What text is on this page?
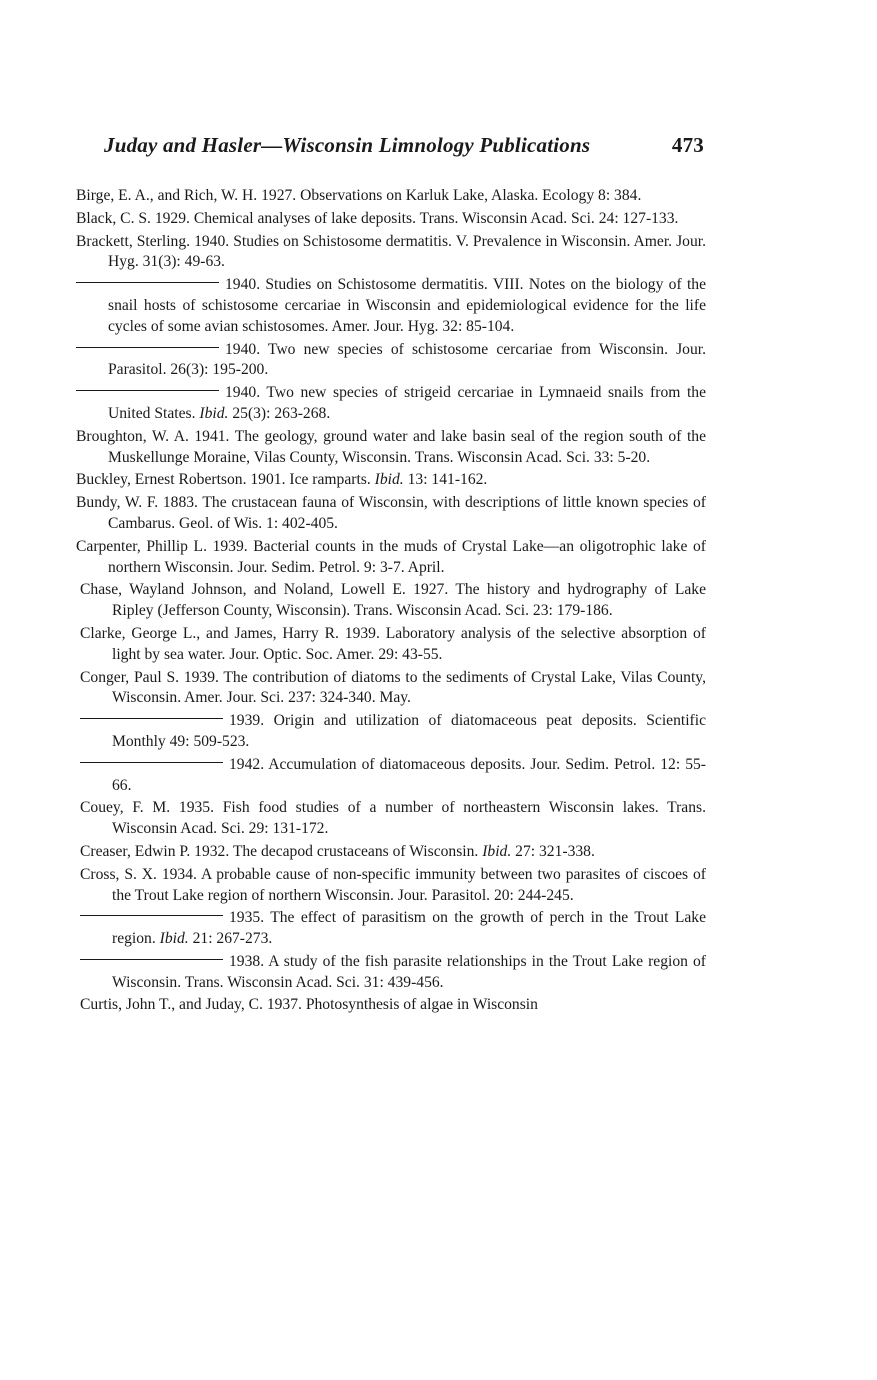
Juday and Hasler—Wisconsin Limnology Publications	473

Birge, E. A., and Rich, W. H. 1927. Observations on Karluk Lake, Alaska. Ecology 8: 384.

Black, C. S. 1929. Chemical analyses of lake deposits. Trans. Wisconsin Acad. Sci. 24: 127-133.

Brackett, Sterling. 1940. Studies on Schistosome dermatitis. V. Prevalence in Wisconsin. Amer. Jour. Hyg. 31(3): 49-63.

1940. Studies on Schistosome dermatitis. VIII. Notes on the biology of the snail hosts of schistosome cercariae in Wisconsin and epidemiological evidence for the life cycles of some avian schistosomes. Amer. Jour. Hyg. 32: 85-104.

1940. Two new species of schistosome cercariae from Wisconsin. Jour. Parasitol. 26(3): 195-200.

1940. Two new species of strigeid cercariae in Lymnaeid snails from the United States. Ibid. 25(3): 263-268.

Broughton, W. A. 1941. The geology, ground water and lake basin seal of the region south of the Muskellunge Moraine, Vilas County, Wisconsin. Trans. Wisconsin Acad. Sci. 33: 5-20.

Buckley, Ernest Robertson. 1901. Ice ramparts. Ibid. 13: 141-162.

Bundy, W. F. 1883. The crustacean fauna of Wisconsin, with descriptions of little known species of Cambarus. Geol. of Wis. 1: 402-405.

Carpenter, Phillip L. 1939. Bacterial counts in the muds of Crystal Lake—an oligotrophic lake of northern Wisconsin. Jour. Sedim. Petrol. 9: 3-7. April.

Chase, Wayland Johnson, and Noland, Lowell E. 1927. The history and hydrography of Lake Ripley (Jefferson County, Wisconsin). Trans. Wisconsin Acad. Sci. 23: 179-186.

Clarke, George L., and James, Harry R. 1939. Laboratory analysis of the selective absorption of light by sea water. Jour. Optic. Soc. Amer. 29: 43-55.

Conger, Paul S. 1939. The contribution of diatoms to the sediments of Crystal Lake, Vilas County, Wisconsin. Amer. Jour. Sci. 237: 324-340. May.

1939. Origin and utilization of diatomaceous peat deposits. Scientific Monthly 49: 509-523.

1942. Accumulation of diatomaceous deposits. Jour. Sedim. Petrol. 12: 55-66.

Couey, F. M. 1935. Fish food studies of a number of northeastern Wisconsin lakes. Trans. Wisconsin Acad. Sci. 29: 131-172.

Creaser, Edwin P. 1932. The decapod crustaceans of Wisconsin. Ibid. 27: 321-338.

Cross, S. X. 1934. A probable cause of non-specific immunity between two parasites of ciscoes of the Trout Lake region of northern Wisconsin. Jour. Parasitol. 20: 244-245.

1935. The effect of parasitism on the growth of perch in the Trout Lake region. Ibid. 21: 267-273.

1938. A study of the fish parasite relationships in the Trout Lake region of Wisconsin. Trans. Wisconsin Acad. Sci. 31: 439-456.

Curtis, John T., and Juday, C. 1937. Photosynthesis of algae in Wisconsin
